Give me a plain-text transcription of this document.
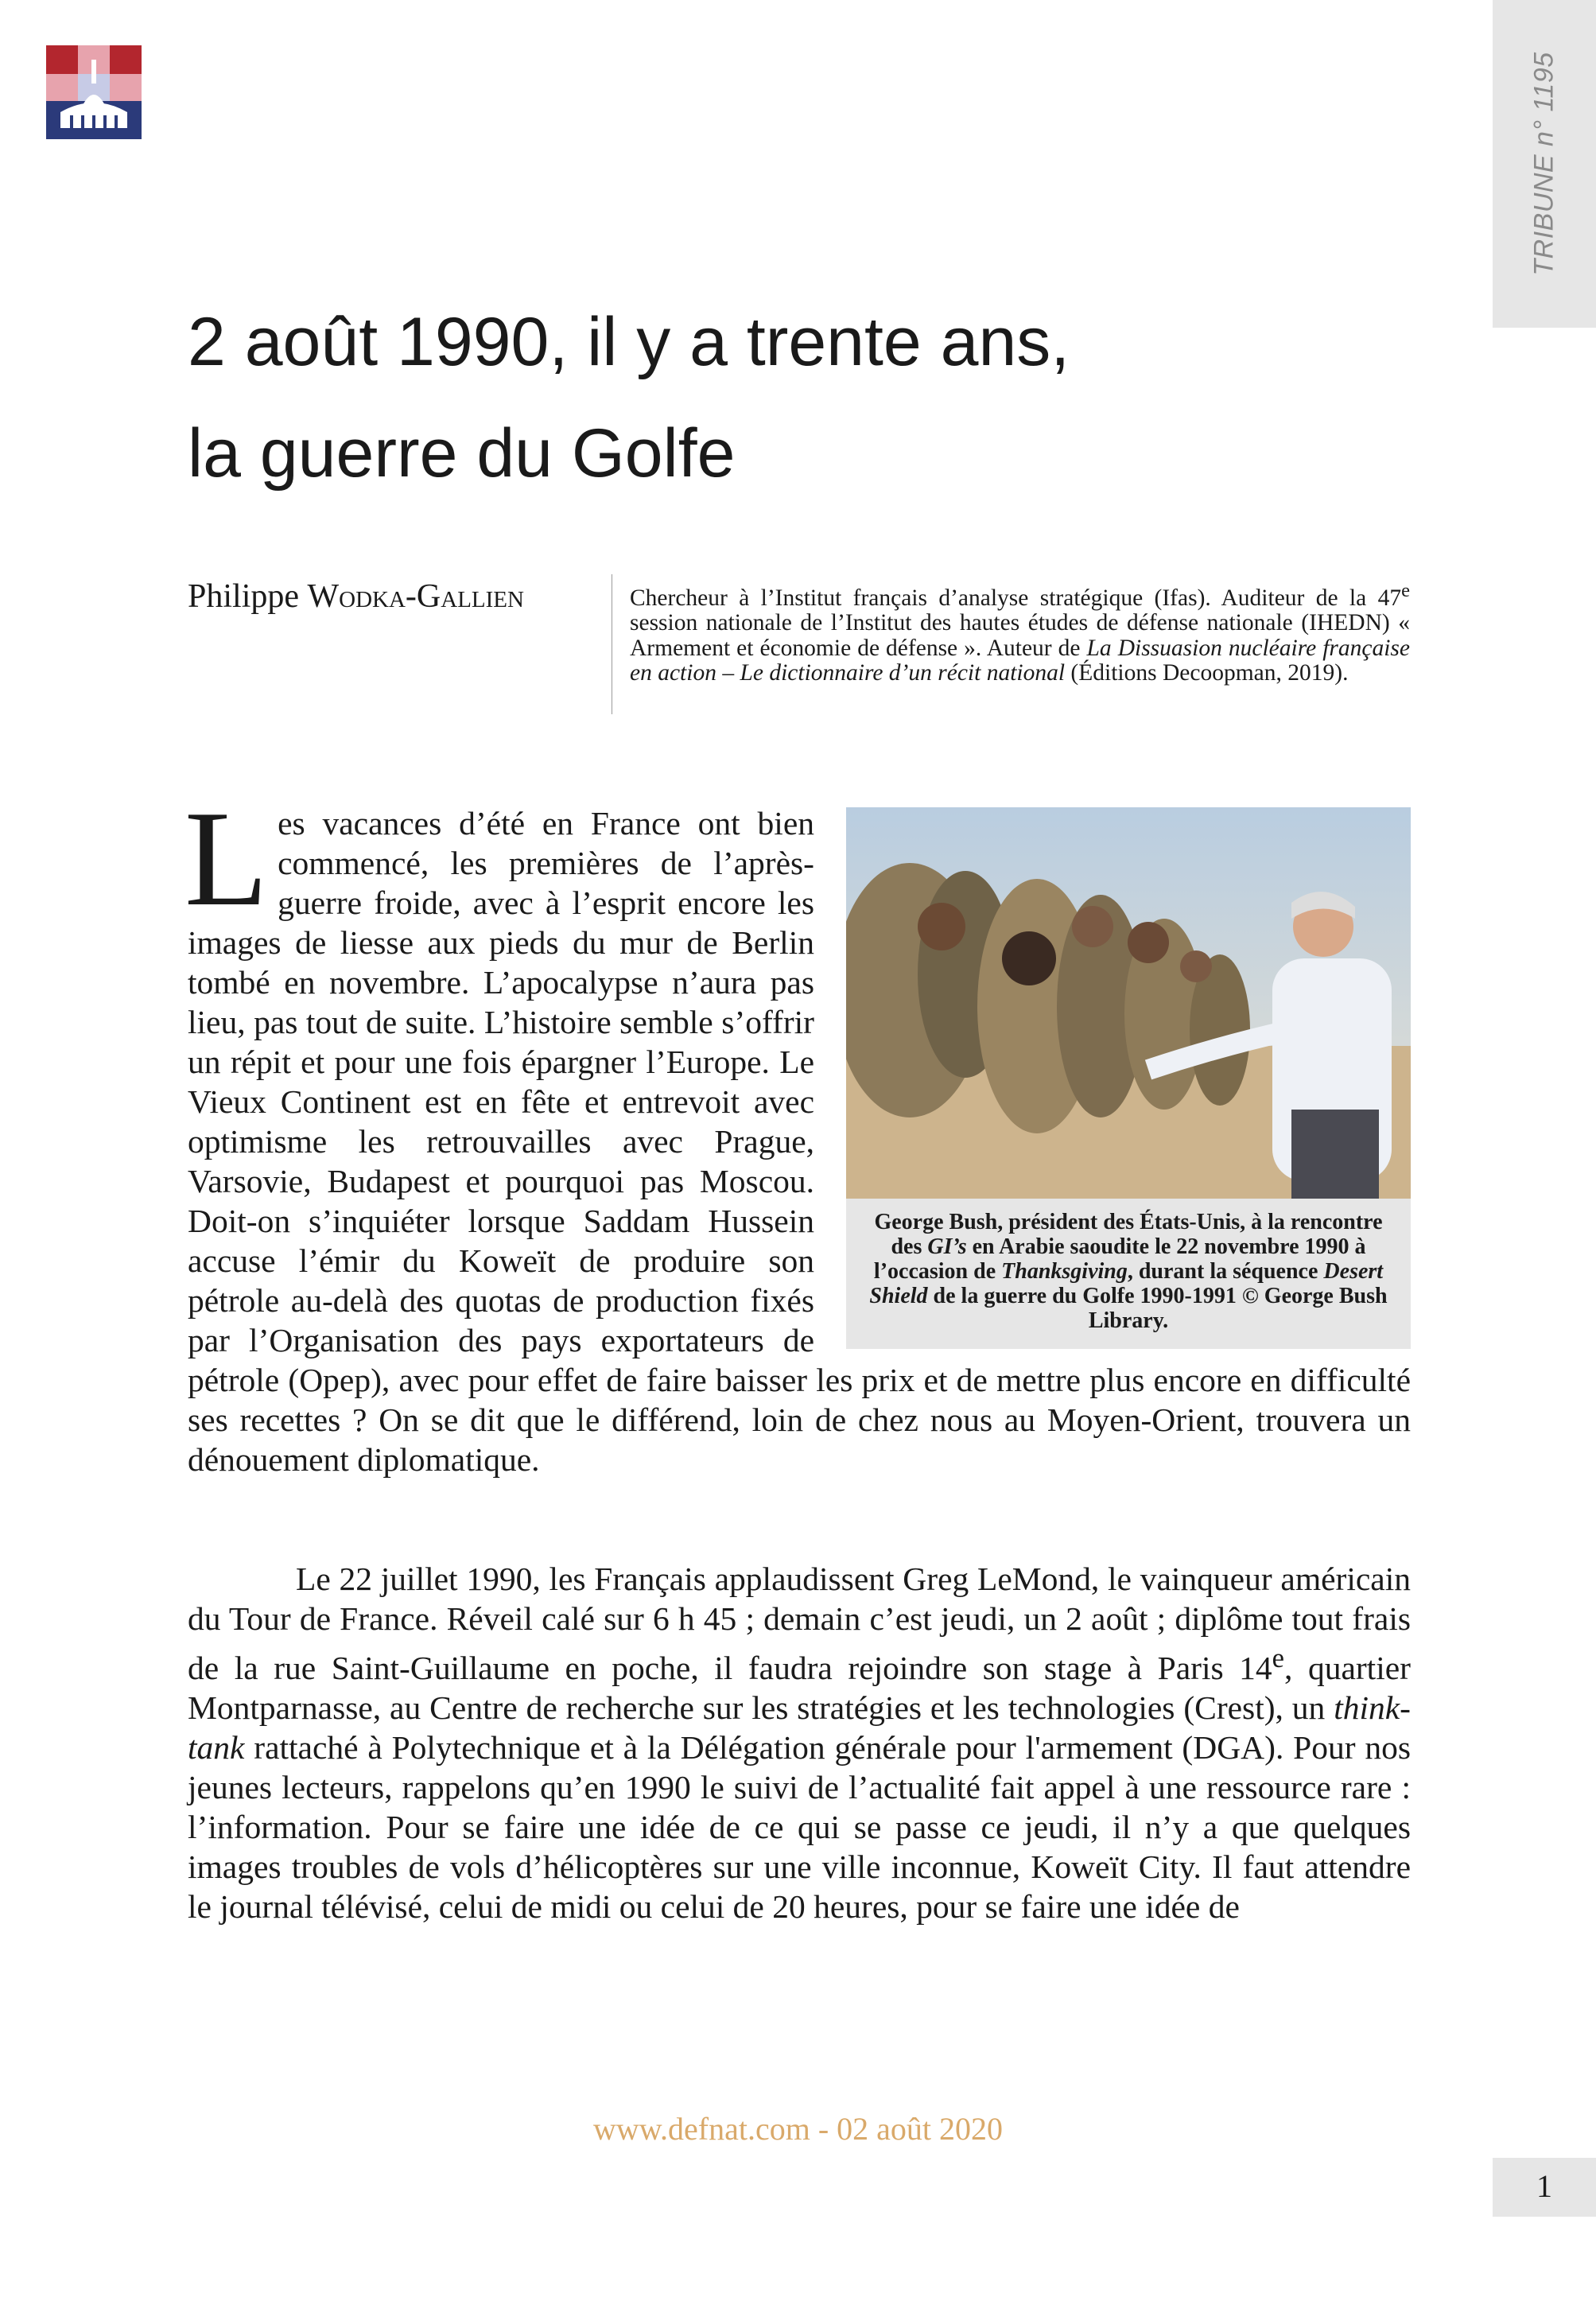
TRIBUNE n° 1195
2 août 1990, il y a trente ans,
la guerre du Golfe

Philippe Wodka-Gallien	Chercheur à l’Institut français d’analyse stratégique (Ifas). Auditeur de la 47e session nationale de l’Institut des hautes études de défense nationale (IHEDN) « Armement et économie de défense ». Auteur de La Dissuasion nucléaire française en action – Le dictionnaire d’un récit national (Éditions Decoopman, 2019).

L
George Bush, président des États-Unis, à la rencontre des GI’s en Arabie saoudite le 22 novembre 1990 à l’occasion de Thanksgiving, durant la séquence Desert Shield de la guerre du Golfe 1990-1991 © George Bush Library.
es vacances d’été en France ont bien commencé, les premières de l’après-guerre froide, avec à l’esprit encore les images de liesse aux pieds du mur de Berlin tombé en novembre. L’apocalypse n’aura pas lieu, pas tout de suite. L’histoire semble s’offrir un répit et pour une fois épargner l’Europe. Le Vieux Continent est en fête et entrevoit avec optimisme les retrouvailles avec Prague, Varsovie, Budapest et pourquoi pas Moscou. Doit-on s’inquiéter lorsque Saddam Hussein accuse l’émir du Koweït de produire son pétrole au-delà des quotas de production fixés par l’Organisation des pays exportateurs de pétrole (Opep), avec pour effet de faire baisser les prix et de mettre plus encore en difficulté ses recettes ? On se dit que le différend, loin de chez nous au Moyen-Orient, trouvera un dénouement diplomatique.

Le 22 juillet 1990, les Français applaudissent Greg LeMond, le vainqueur américain du Tour de France. Réveil calé sur 6 h 45 ; demain c’est jeudi, un 2 août ; diplôme tout frais de la rue Saint-Guillaume en poche, il faudra rejoindre son stage à Paris 14e, quartier Montparnasse, au Centre de recherche sur les stratégies et les technologies (Crest), un think-tank rattaché à Polytechnique et à la Délégation générale pour l'armement (DGA). Pour nos jeunes lecteurs, rappelons qu’en 1990 le suivi de l’actualité fait appel à une ressource rare : l’information. Pour se faire une idée de ce qui se passe ce jeudi, il n’y a que quelques images troubles de vols d’hélicoptères sur une ville inconnue, Koweït City. Il faut attendre le journal télévisé, celui de midi ou celui de 20 heures, pour se faire une idée de

www.defnat.com - 02 août 2020
1
